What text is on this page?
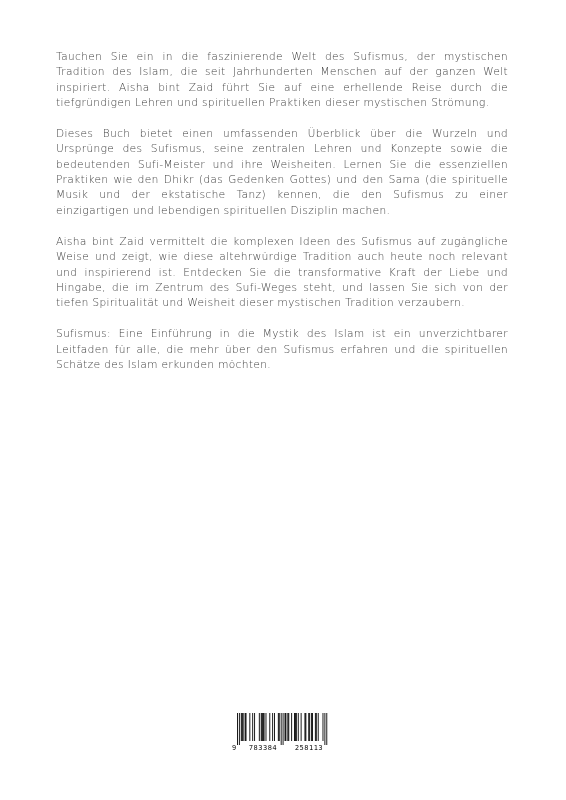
Tauchen Sie ein in die faszinierende Welt des Sufismus, der mystischen Tradition des Islam, die seit Jahrhunderten Menschen auf der ganzen Welt inspiriert. Aisha bint Zaid führt Sie auf eine erhellende Reise durch die tiefgründigen Lehren und spirituellen Praktiken dieser mystischen Strömung.

Dieses Buch bietet einen umfassenden Überblick über die Wurzeln und Ursprünge des Sufismus, seine zentralen Lehren und Konzepte sowie die bedeutenden Sufi-Meister und ihre Weisheiten. Lernen Sie die essenziellen Praktiken wie den Dhikr (das Gedenken Gottes) und den Sama (die spirituelle Musik und der ekstatische Tanz) kennen, die den Sufismus zu einer einzigartigen und lebendigen spirituellen Disziplin machen.

Aisha bint Zaid vermittelt die komplexen Ideen des Sufismus auf zugängliche Weise und zeigt, wie diese altehrwürdige Tradition auch heute noch relevant und inspirierend ist. Entdecken Sie die transformative Kraft der Liebe und Hingabe, die im Zentrum des Sufi-Weges steht, und lassen Sie sich von der tiefen Spiritualität und Weisheit dieser mystischen Tradition verzaubern.

Sufismus: Eine Einführung in die Mystik des Islam ist ein unverzichtbarer Leitfaden für alle, die mehr über den Sufismus erfahren und die spirituellen Schätze des Islam erkunden möchten.

9	783384	258113
